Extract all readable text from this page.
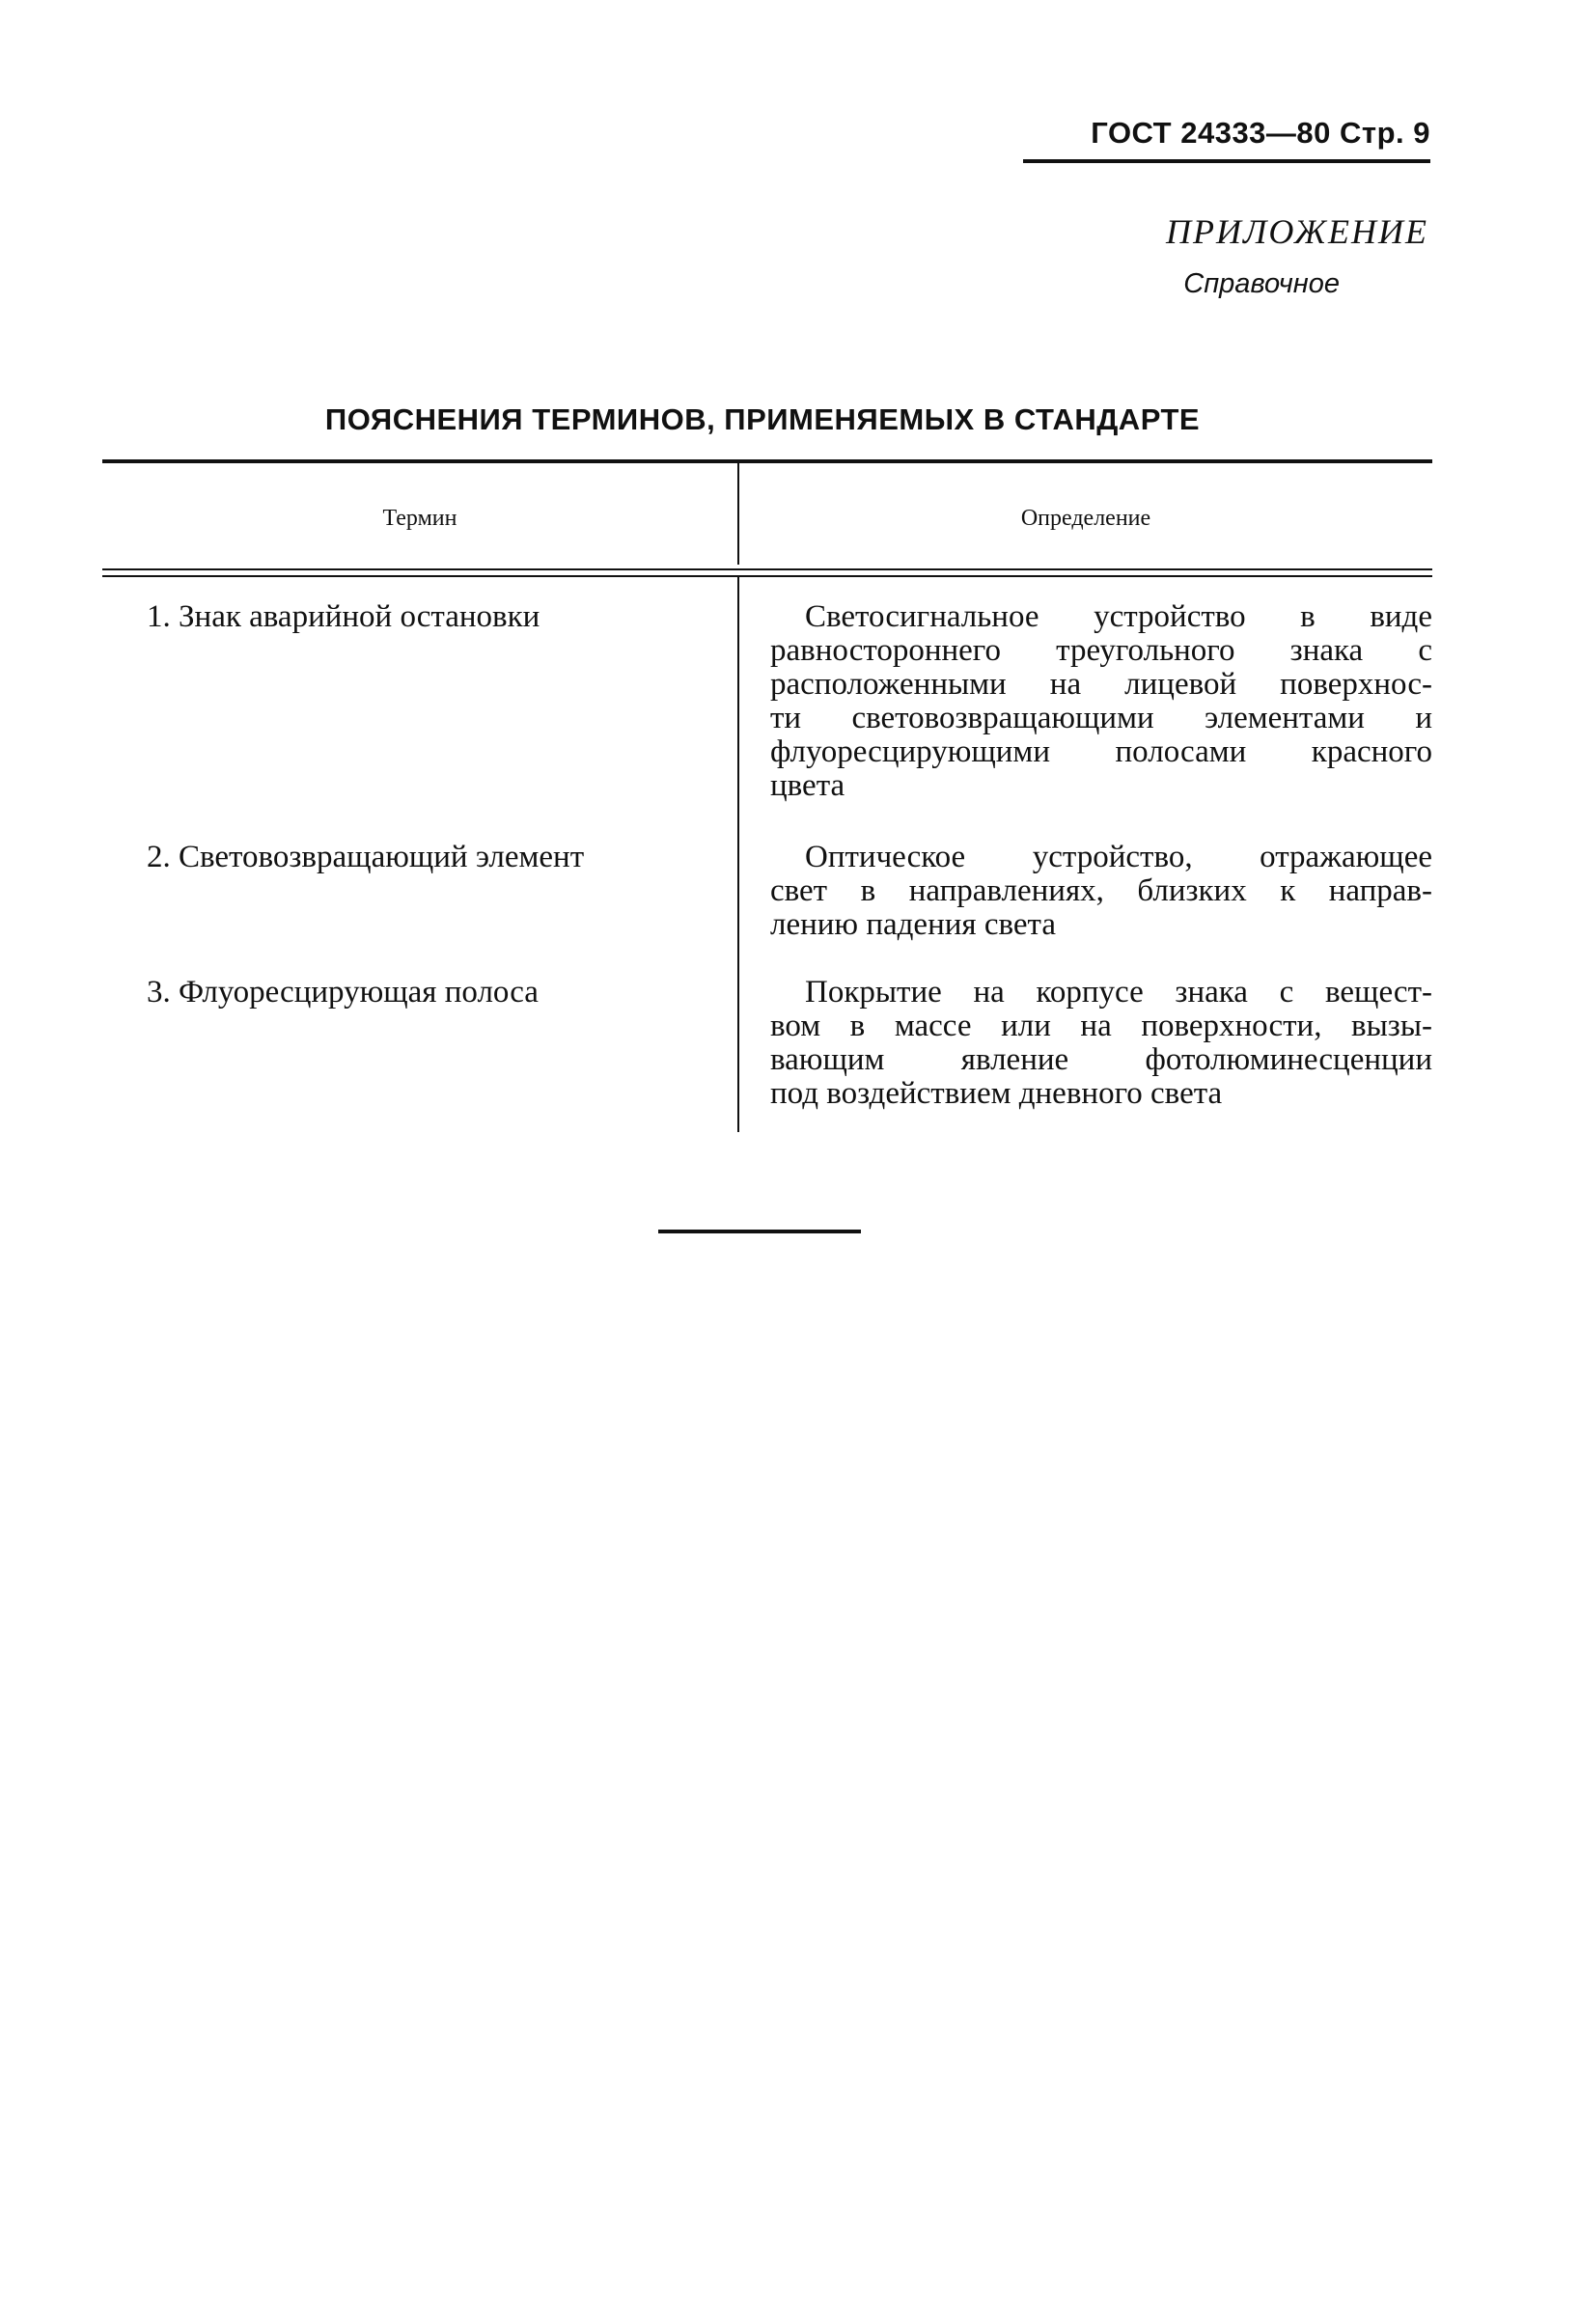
ГОСТ 24333—80 Стр. 9
ПРИЛОЖЕНИЕ
Справочное
ПОЯСНЕНИЯ ТЕРМИНОВ, ПРИМЕНЯЕМЫХ В СТАНДАРТЕ
Термин	Определение
1. Знак аварийной остановки	Светосигнальное устройство в виде
равностороннего треугольного знака с
расположенными на лицевой поверхнос-
ти световозвращающими элементами и
флуоресцирующими полосами красного
цвета
2. Световозвращающий элемент	Оптическое устройство, отражающее
свет в направлениях, близких к направ-
лению падения света
3. Флуоресцирующая полоса	Покрытие на корпусе знака с вещест-
вом в массе или на поверхности, вызы-
вающим явление фотолюминесценции
под воздействием дневного света
